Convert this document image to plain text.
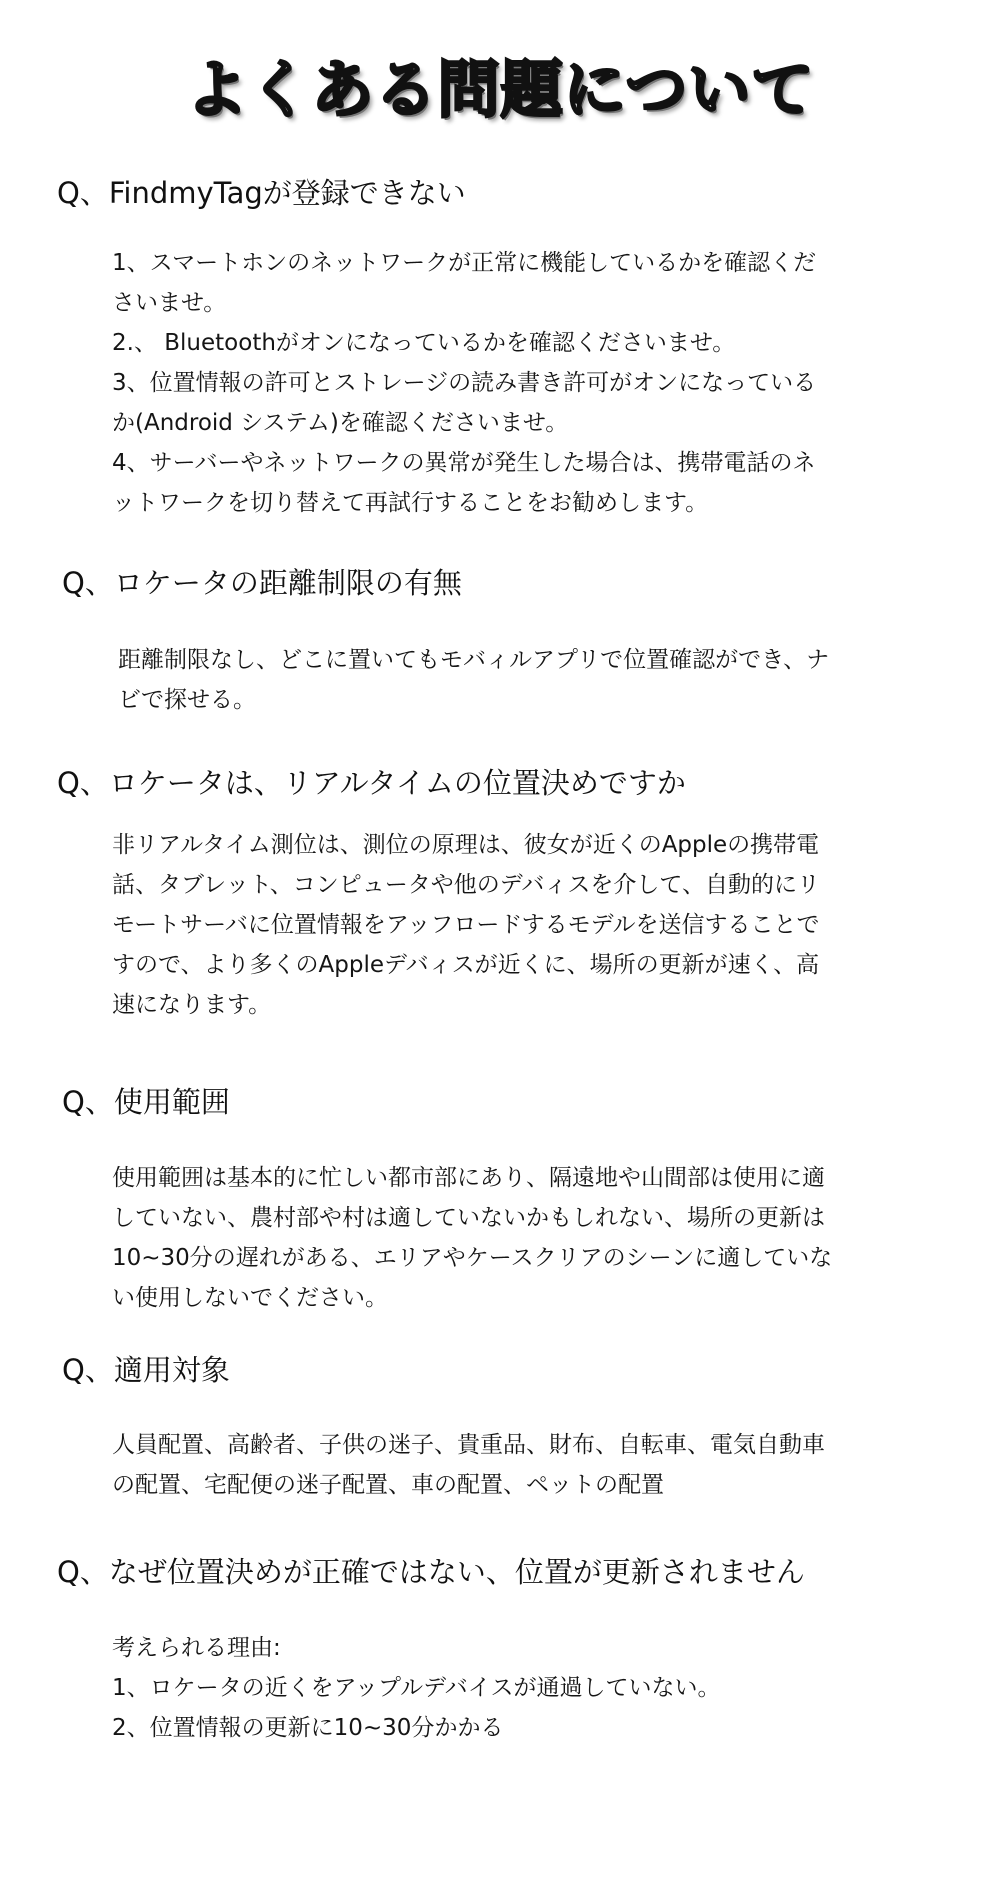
よくある問題について
Q、FindmyTagが登録できない
1、スマートホンのネットワークが正常に機能しているかを確認くだ
さいませ。
2.、 Bluetoothがオンになっているかを確認くださいませ。
3、位置情報の許可とストレージの読み書き許可がオンになっている
か(Android システム)を確認くださいませ。
4、サーバーやネットワークの異常が発生した場合は、携帯電話のネ
ットワークを切り替えて再試行することをお勧めします。
Q、ロケータの距離制限の有無
距離制限なし、どこに置いてもモバィルアプリで位置確認ができ、ナ
ビで探せる。
Q、ロケータは、リアルタイムの位置決めですか
非リアルタイム測位は、測位の原理は、彼女が近くのAppleの携帯電
話、タブレット、コンピュータや他のデバィスを介して、自動的にリ
モートサーバに位置情報をアッフロードするモデルを送信することで
すので、より多くのAppleデバィスが近くに、場所の更新が速く、高
速になります。
Q、使用範囲
使用範囲は基本的に忙しい都市部にあり、隔遠地や山間部は使用に適
していない、農村部や村は適していないかもしれない、場所の更新は
10~30分の遅れがある、エリアやケースクリアのシーンに適していな
い使用しないでください。
Q、適用対象
人員配置、高齢者、子供の迷子、貴重品、財布、自転車、電気自動車
の配置、宅配便の迷子配置、車の配置、ペットの配置
Q、なぜ位置決めが正確ではない、位置が更新されません
考えられる理由:
1、ロケータの近くをアップルデバイスが通過していない。
2、位置情報の更新に10~30分かかる
